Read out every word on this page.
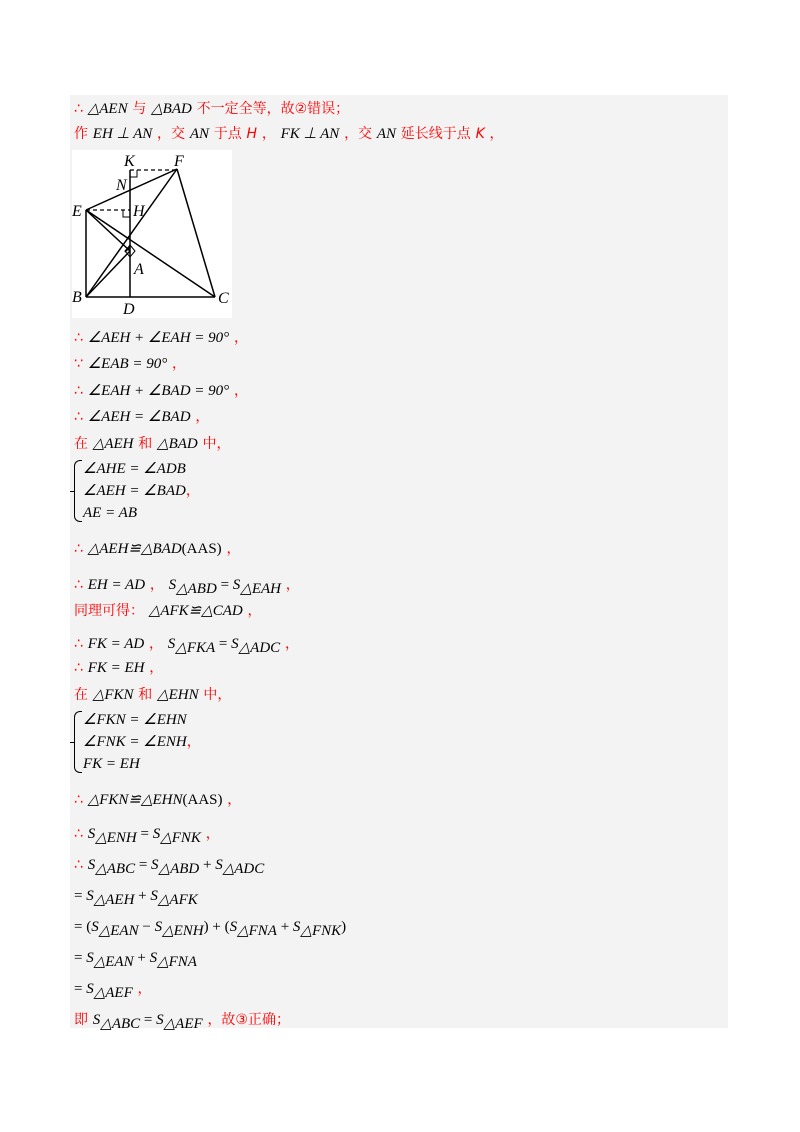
∴ △AEN 与 △BAD 不一定全等，故②错误；
作 EH ⊥ AN ，交 AN 于点 H ， FK ⊥ AN ，交 AN 延长线于点 K ，
K F
N
E	H
A
B
D
C
∴ ∠AEH + ∠EAH = 90° ，
∵ ∠EAB = 90° ，
∴ ∠EAH + ∠BAD = 90° ，
∴ ∠AEH = ∠BAD ，
在 △AEH 和 △BAD 中，
∠AHE = ∠ADB
∠AEH = ∠BAD，
AE = AB
∴ △AEH≌△BAD(AAS) ，
∴ EH = AD ， $S_{\triangle ABD} = S_{\triangle EAH}$ ，
同理可得： △AFK≌△CAD ，
∴ FK = AD ， $S_{\triangle FKA} = S_{\triangle ADC}$ ，
∴ FK = EH ，
在 △FKN 和 △EHN 中，
∠FKN = ∠EHN
∠FNK = ∠ENH，
FK = EH
∴ △FKN≌△EHN(AAS) ，
∴ $S_{\triangle ENH} = S_{\triangle FNK}$ ，
∴ $S_{\triangle ABC} = S_{\triangle ABD} + S_{\triangle ADC}$
= $S_{\triangle AEH} + S_{\triangle AFK}$
= $(S_{\triangle EAN} - S_{\triangle ENH}) + (S_{\triangle FNA} + S_{\triangle FNK})$
= $S_{\triangle EAN} + S_{\triangle FNA}$
= $S_{\triangle AEF}$ ，
即 $S_{\triangle ABC} = S_{\triangle AEF}$ ，故③正确；
